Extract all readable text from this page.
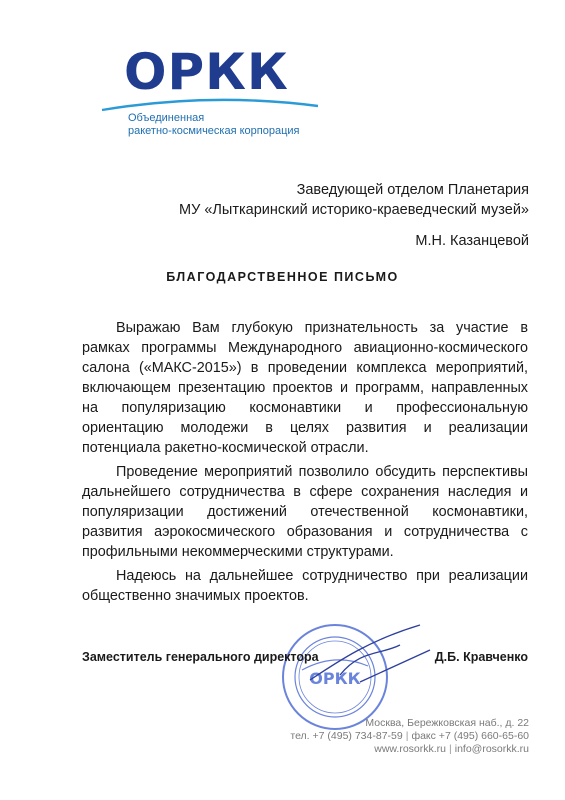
ОРКК
Объединенная
ракетно-космическая корпорация
Заведующей отделом Планетария
МУ «Лыткаринский историко-краеведческий музей»
М.Н. Казанцевой
БЛАГОДАРСТВЕННОЕ ПИСЬМО

Выражаю Вам глубокую признательность за участие в рамках программы Международного авиационно-космического салона («МАКС-2015») в проведении комплекса мероприятий, включающем презентацию проектов и программ, направленных на популяризацию космонавтики и профессиональную ориентацию молодежи в целях развития и реализации потенциала ракетно-космической отрасли.

Проведение мероприятий позволило обсудить перспективы дальнейшего сотрудничества в сфере сохранения наследия и популяризации достижений отечественной космонавтики, развития аэрокосмического образования и сотрудничества с профильными некоммерческими структурами.

Надеюсь на дальнейшее сотрудничество при реализации общественно значимых проектов.

ОРКК
Заместитель генерального директора	Д.Б. Кравченко
Москва, Бережковская наб., д. 22
тел. +7 (495) 734-87-59 | факс +7 (495) 660-65-60
www.rosorkk.ru | info@rosorkk.ru
